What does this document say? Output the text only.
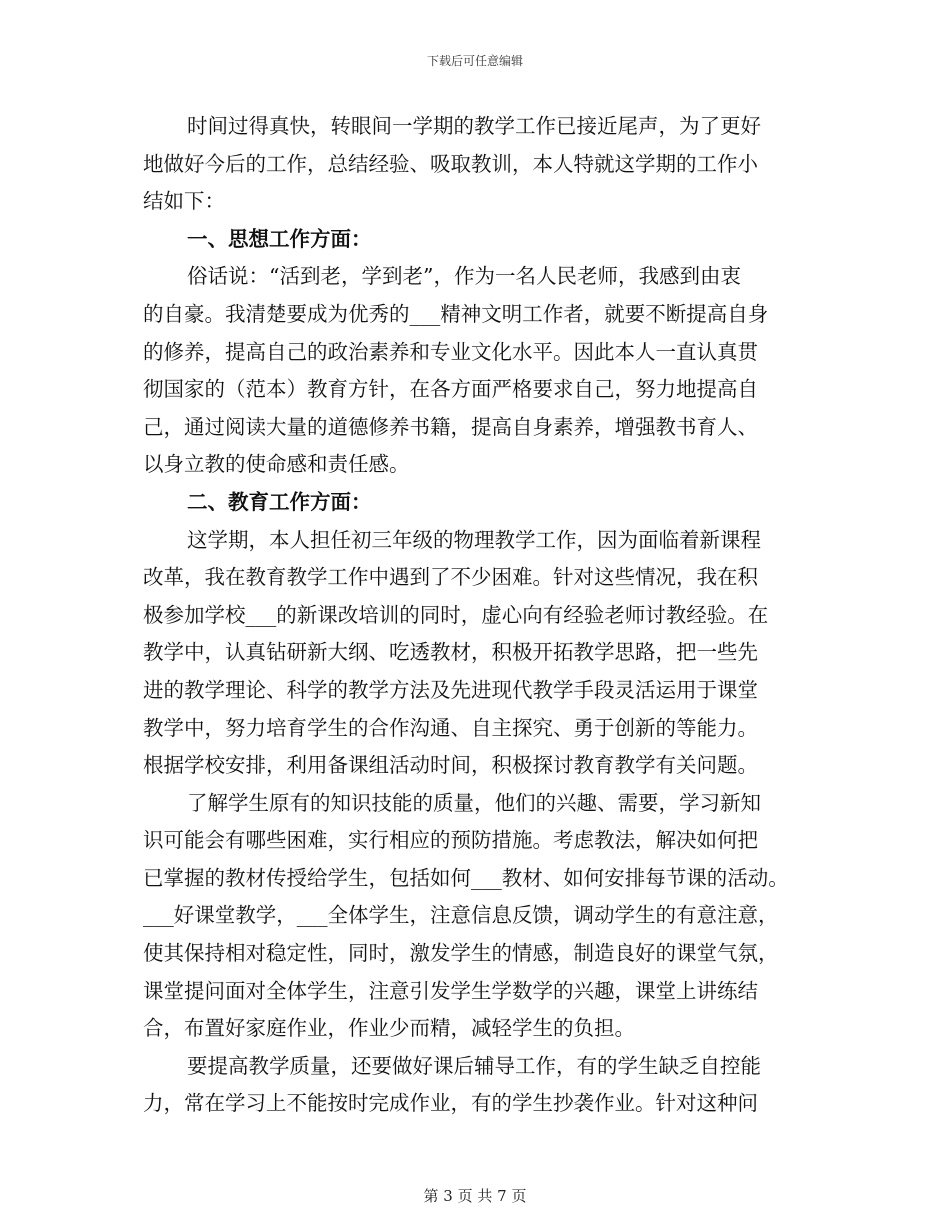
下载后可任意编辑
时间过得真快，转眼间一学期的教学工作已接近尾声，为了更好
地做好今后的工作，总结经验、吸取教训，本人特就这学期的工作小
结如下：
一、思想工作方面：
俗话说：“活到老，学到老”，作为一名人民老师，我感到由衷
的自豪。我清楚要成为优秀的___精神文明工作者，就要不断提高自身
的修养，提高自己的政治素养和专业文化水平。因此本人一直认真贯
彻国家的（范本）教育方针，在各方面严格要求自己，努力地提高自
己，通过阅读大量的道德修养书籍，提高自身素养，增强教书育人、
以身立教的使命感和责任感。
二、教育工作方面：
这学期，本人担任初三年级的物理教学工作，因为面临着新课程
改革，我在教育教学工作中遇到了不少困难。针对这些情况，我在积
极参加学校___的新课改培训的同时，虚心向有经验老师讨教经验。在
教学中，认真钻研新大纲、吃透教材，积极开拓教学思路，把一些先
进的教学理论、科学的教学方法及先进现代教学手段灵活运用于课堂
教学中，努力培育学生的合作沟通、自主探究、勇于创新的等能力。
根据学校安排，利用备课组活动时间，积极探讨教育教学有关问题。
了解学生原有的知识技能的质量，他们的兴趣、需要，学习新知
识可能会有哪些困难，实行相应的预防措施。考虑教法，解决如何把
已掌握的教材传授给学生，包括如何___教材、如何安排每节课的活动。
___好课堂教学，___全体学生，注意信息反馈，调动学生的有意注意，
使其保持相对稳定性，同时，激发学生的情感，制造良好的课堂气氛，
课堂提问面对全体学生，注意引发学生学数学的兴趣，课堂上讲练结
合，布置好家庭作业，作业少而精，减轻学生的负担。
要提高教学质量，还要做好课后辅导工作，有的学生缺乏自控能
力，常在学习上不能按时完成作业，有的学生抄袭作业。针对这种问
第 3 页 共 7 页
